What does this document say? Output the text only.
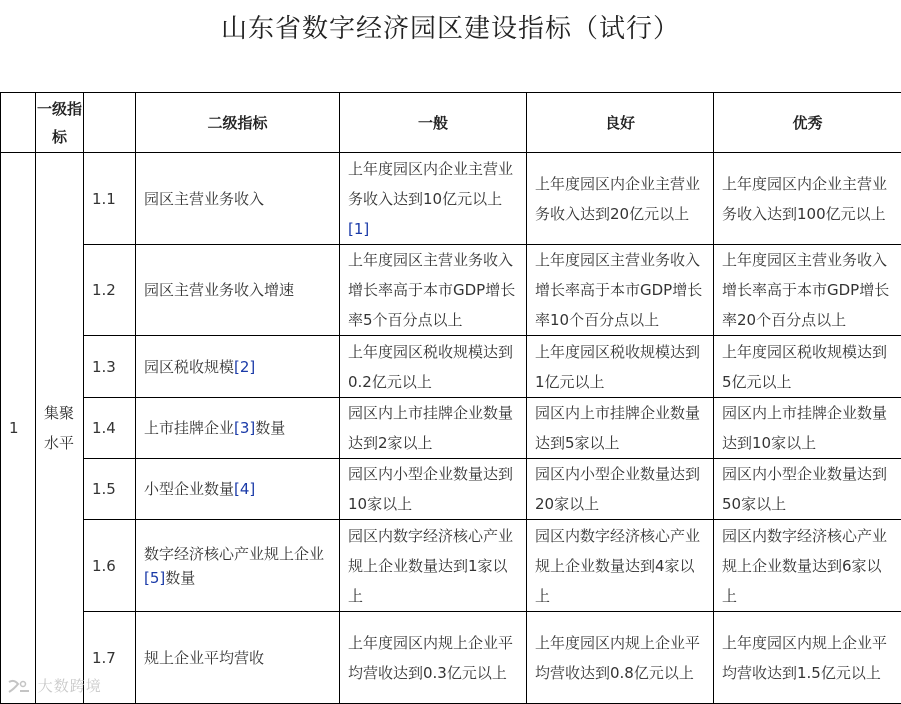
山东省数字经济园区建设指标（试行）
	一级指标		二级指标	一般	良好	优秀
1	集聚水平	1.1	园区主营业务收入	上年度园区内企业主营业务收入达到10亿元以上[1]	上年度园区内企业主营业务收入达到20亿元以上	上年度园区内企业主营业务收入达到100亿元以上
		1.2	园区主营业务收入增速	上年度园区主营业务收入增长率高于本市GDP增长率5个百分点以上	上年度园区主营业务收入增长率高于本市GDP增长率10个百分点以上	上年度园区主营业务收入增长率高于本市GDP增长率20个百分点以上
		1.3	园区税收规模[2]	上年度园区税收规模达到0.2亿元以上	上年度园区税收规模达到1亿元以上	上年度园区税收规模达到5亿元以上
		1.4	上市挂牌企业[3]数量	园区内上市挂牌企业数量达到2家以上	园区内上市挂牌企业数量达到5家以上	园区内上市挂牌企业数量达到10家以上
		1.5	小型企业数量[4]	园区内小型企业数量达到10家以上	园区内小型企业数量达到20家以上	园区内小型企业数量达到50家以上
		1.6	数字经济核心产业规上企业[5]数量	园区内数字经济核心产业规上企业数量达到1家以上	园区内数字经济核心产业规上企业数量达到4家以上	园区内数字经济核心产业规上企业数量达到6家以上
		1.7	规上企业平均营收	上年度园区内规上企业平均营收达到0.3亿元以上	上年度园区内规上企业平均营收达到0.8亿元以上	上年度园区内规上企业平均营收达到1.5亿元以上
大数跨境
